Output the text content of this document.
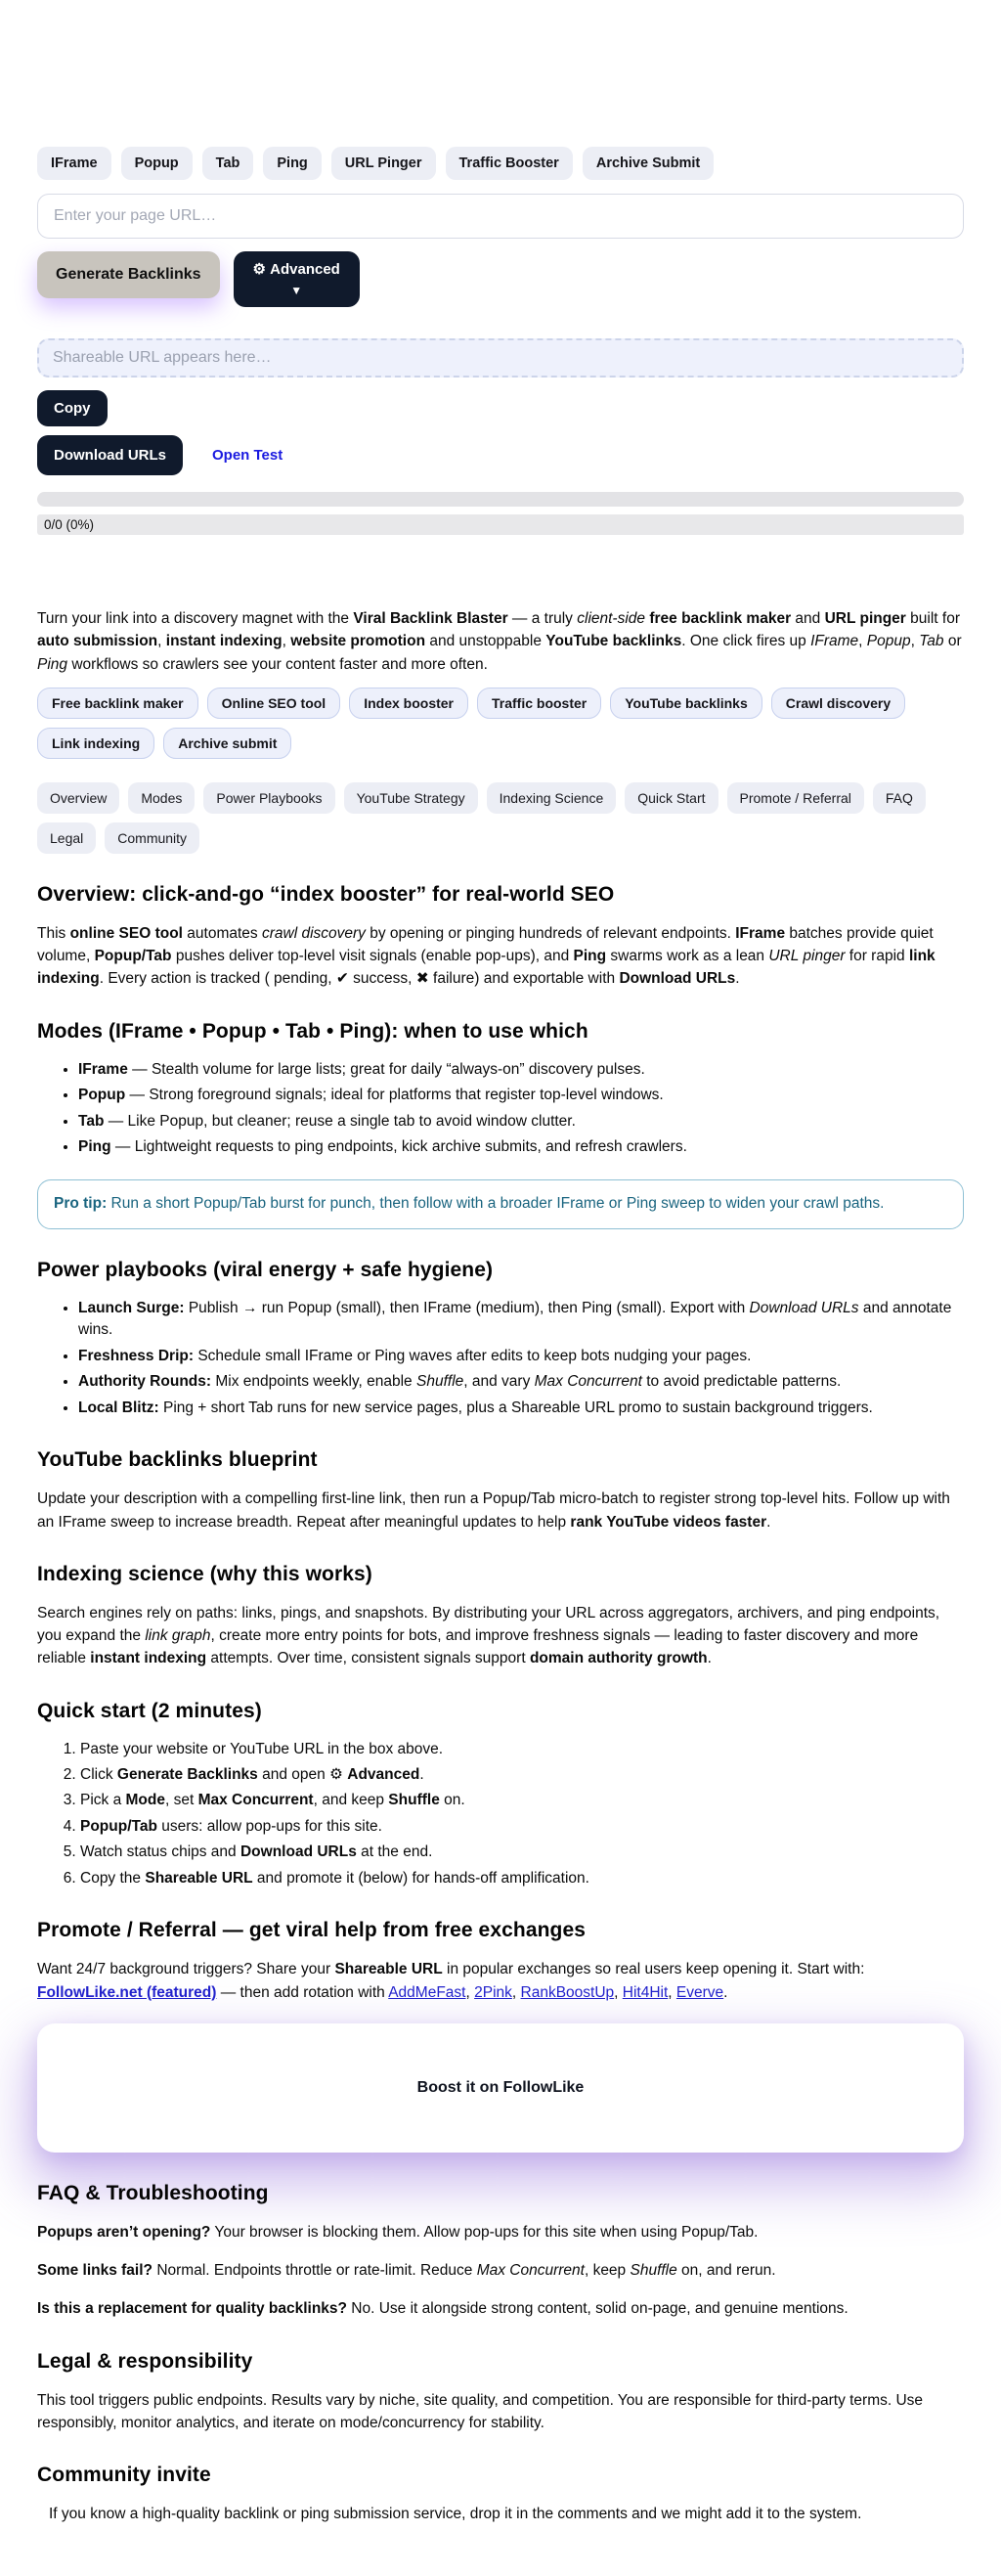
IFrame	Popup	Tab	Ping	URL Pinger	Traffic Booster	Archive Submit
Enter your page URL…
Generate Backlinks	⚙ Advanced
▼
Shareable URL appears here…
Copy
Download URLs	Open Test
0/0 (0%)

Turn your link into a discovery magnet with the Viral Backlink Blaster — a truly client-side free backlink maker and URL pinger built for auto submission, instant indexing, website promotion and unstoppable YouTube backlinks. One click fires up IFrame, Popup, Tab or Ping workflows so crawlers see your content faster and more often.

Free backlink maker	Online SEO tool	Index booster	Traffic booster	YouTube backlinks	Crawl discovery
Link indexing	Archive submit
Overview	Modes	Power Playbooks	YouTube Strategy	Indexing Science	Quick Start	Promote / Referral	FAQ
Legal	Community
Overview: click-and-go “index booster” for real-world SEO

This online SEO tool automates crawl discovery by opening or pinging hundreds of relevant endpoints. IFrame batches provide quiet volume, Popup/Tab pushes deliver top-level visit signals (enable pop-ups), and Ping swarms work as a lean URL pinger for rapid link indexing. Every action is tracked ( pending, ✔ success, ✖ failure) and exportable with Download URLs.

Modes (IFrame • Popup • Tab • Ping): when to use which
• IFrame — Stealth volume for large lists; great for daily “always-on” discovery pulses.
• Popup — Strong foreground signals; ideal for platforms that register top-level windows.
• Tab — Like Popup, but cleaner; reuse a single tab to avoid window clutter.
• Ping — Lightweight requests to ping endpoints, kick archive submits, and refresh crawlers.
Pro tip: Run a short Popup/Tab burst for punch, then follow with a broader IFrame or Ping sweep to widen your crawl paths.
Power playbooks (viral energy + safe hygiene)
• Launch Surge: Publish → run Popup (small), then IFrame (medium), then Ping (small). Export with Download URLs and annotate wins.
• Freshness Drip: Schedule small IFrame or Ping waves after edits to keep bots nudging your pages.
• Authority Rounds: Mix endpoints weekly, enable Shuffle, and vary Max Concurrent to avoid predictable patterns.
• Local Blitz: Ping + short Tab runs for new service pages, plus a Shareable URL promo to sustain background triggers.
YouTube backlinks blueprint

Update your description with a compelling first-line link, then run a Popup/Tab micro-batch to register strong top-level hits. Follow up with an IFrame sweep to increase breadth. Repeat after meaningful updates to help rank YouTube videos faster.

Indexing science (why this works)

Search engines rely on paths: links, pings, and snapshots. By distributing your URL across aggregators, archivers, and ping endpoints, you expand the link graph, create more entry points for bots, and improve freshness signals — leading to faster discovery and more reliable instant indexing attempts. Over time, consistent signals support domain authority growth.

Quick start (2 minutes)
1. Paste your website or YouTube URL in the box above.
2. Click Generate Backlinks and open ⚙ Advanced.
3. Pick a Mode, set Max Concurrent, and keep Shuffle on.
4. Popup/Tab users: allow pop-ups for this site.
5. Watch status chips and Download URLs at the end.
6. Copy the Shareable URL and promote it (below) for hands-off amplification.
Promote / Referral — get viral help from free exchanges

Want 24/7 background triggers? Share your Shareable URL in popular exchanges so real users keep opening it. Start with: FollowLike.net (featured) — then add rotation with AddMeFast, 2Pink, RankBoostUp, Hit4Hit, Everve.

Boost it on FollowLike
FAQ & Troubleshooting

Popups aren’t opening? Your browser is blocking them. Allow pop-ups for this site when using Popup/Tab.

Some links fail? Normal. Endpoints throttle or rate-limit. Reduce Max Concurrent, keep Shuffle on, and rerun.

Is this a replacement for quality backlinks? No. Use it alongside strong content, solid on-page, and genuine mentions.

Legal & responsibility

This tool triggers public endpoints. Results vary by niche, site quality, and competition. You are responsible for third-party terms. Use responsibly, monitor analytics, and iterate on mode/concurrency for stability.

Community invite

If you know a high-quality backlink or ping submission service, drop it in the comments and we might add it to the system.
